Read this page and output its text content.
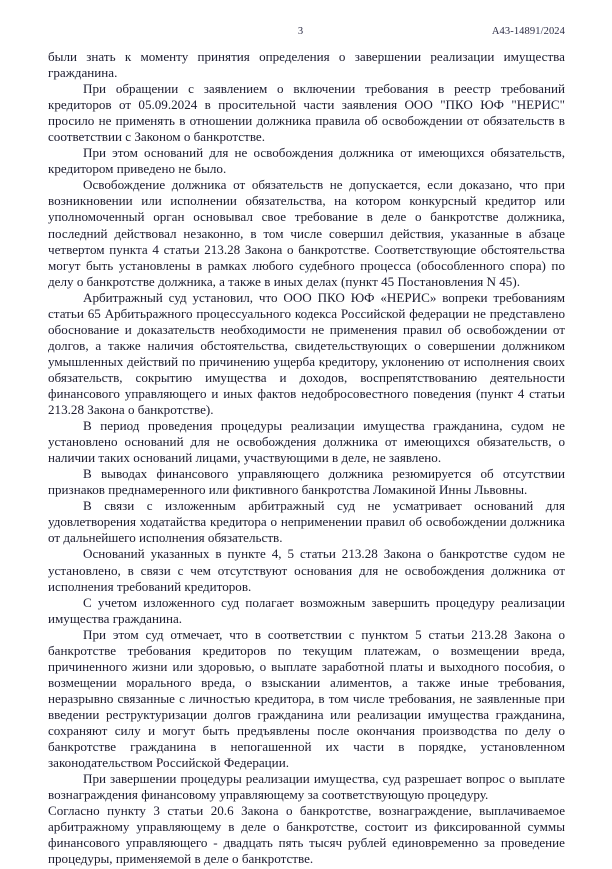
3	A43-14891/2024

были знать к моменту принятия определения о завершении реализации имущества гражданина.

При обращении с заявлением о включении требования в реестр требований кредиторов от 05.09.2024 в просительной части заявления ООО "ПКО ЮФ "НЕРИС" просило не применять в отношении должника правила об освобождении от обязательств в соответствии с Законом о банкротстве.

При этом оснований для не освобождения должника от имеющихся обязательств, кредитором приведено не было.

Освобождение должника от обязательств не допускается, если доказано, что при возникновении или исполнении обязательства, на котором конкурсный кредитор или уполномоченный орган основывал свое требование в деле о банкротстве должника, последний действовал незаконно, в том числе совершил действия, указанные в абзаце четвертом пункта 4 статьи 213.28 Закона о банкротстве. Соответствующие обстоятельства могут быть установлены в рамках любого судебного процесса (обособленного спора) по делу о банкротстве должника, а также в иных делах (пункт 45 Постановления N 45).

Арбитражный суд установил, что ООО ПКО ЮФ «НЕРИС» вопреки требованиям статьи 65 Арбитьражного процессуального кодекса Российской федерации не представлено обоснование и доказательств необходимости не применения правил об освобождении от долгов, а также наличия обстоятельства, свидетельствующих о совершении должником умышленных действий по причинению ущерба кредитору, уклонению от исполнения своих обязательств, сокрытию имущества и доходов, воспрепятствованию деятельности финансового управляющего и иных фактов недобросовестного поведения (пункт 4 статьи 213.28 Закона о банкротстве).

В период проведения процедуры реализации имущества гражданина, судом не установлено оснований для не освобождения должника от имеющихся обязательств, о наличии таких оснований лицами, участвующими в деле, не заявлено.

В выводах финансового управляющего должника резюмируется об отсутствии признаков преднамеренного или фиктивного банкротства Ломакиной Инны Львовны.

В связи с изложенным арбитражный суд не усматривает оснований для удовлетворения ходатайства кредитора о неприменении правил об освобождении должника от дальнейшего исполнения обязательств.

Оснований указанных в пункте 4, 5 статьи 213.28 Закона о банкротстве судом не установлено, в связи с чем отсутствуют основания для не освобождения должника от исполнения требований кредиторов.

С учетом изложенного суд полагает возможным завершить процедуру реализации имущества гражданина.

При этом суд отмечает, что в соответствии с пунктом 5 статьи 213.28 Закона о банкротстве требования кредиторов по текущим платежам, о возмещении вреда, причиненного жизни или здоровью, о выплате заработной платы и выходного пособия, о возмещении морального вреда, о взыскании алиментов, а также иные требования, неразрывно связанные с личностью кредитора, в том числе требования, не заявленные при введении реструктуризации долгов гражданина или реализации имущества гражданина, сохраняют силу и могут быть предъявлены после окончания производства по делу о банкротстве гражданина в непогашенной их части в порядке, установленном законодательством Российской Федерации.

При завершении процедуры реализации имущества, суд разрешает вопрос о выплате вознаграждения финансовому управляющему за соответствующую процедуру.

Согласно пункту 3 статьи 20.6 Закона о банкротстве, вознаграждение, выплачиваемое арбитражному управляющему в деле о банкротстве, состоит из фиксированной суммы финансового управляющего - двадцать пять тысяч рублей единовременно за проведение процедуры, применяемой в деле о банкротстве.
